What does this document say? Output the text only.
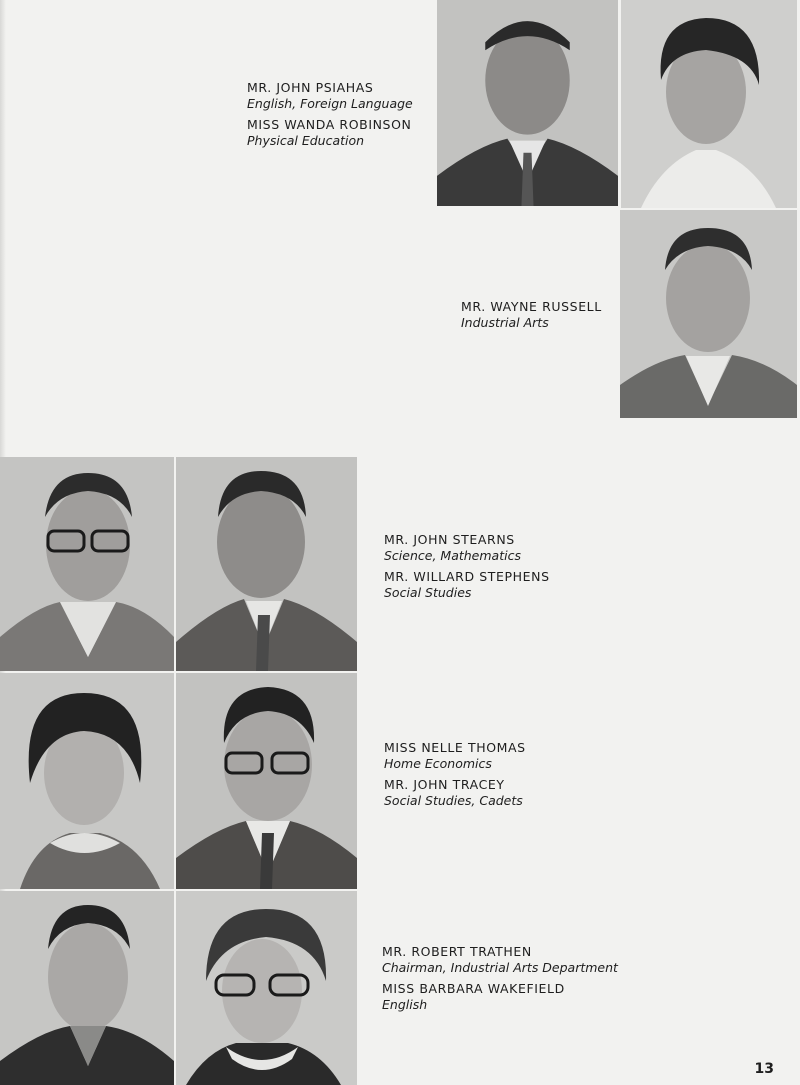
MR. JOHN PSIAHAS
English, Foreign Language
MISS WANDA ROBINSON
Physical Education
MR. WAYNE RUSSELL
Industrial Arts
MR. JOHN STEARNS
Science, Mathematics
MR. WILLARD STEPHENS
Social Studies
MISS NELLE THOMAS
Home Economics
MR. JOHN TRACEY
Social Studies, Cadets
MR. ROBERT TRATHEN
Chairman, Industrial Arts Department
MISS BARBARA WAKEFIELD
English
13
